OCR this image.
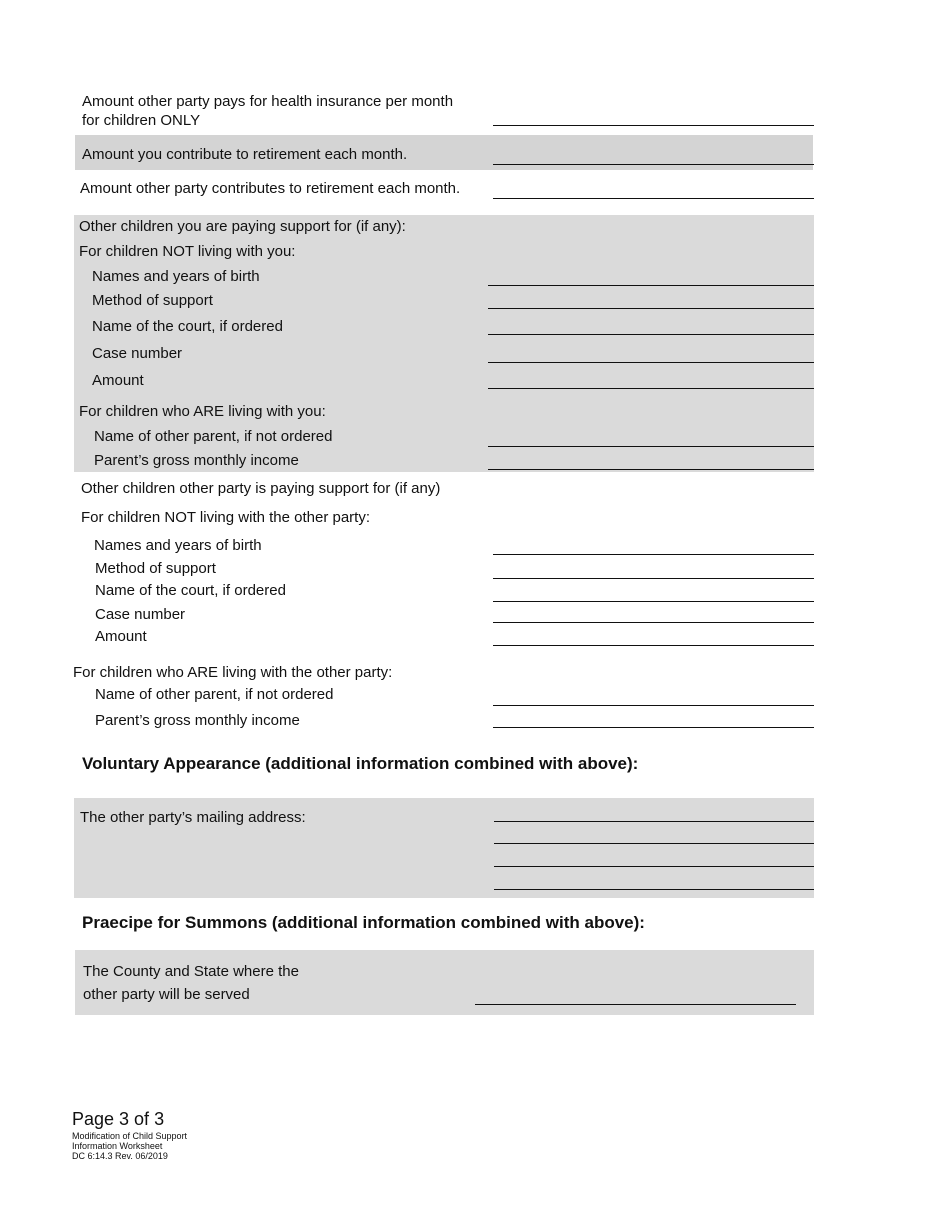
Amount other party pays for health insurance per month
for children ONLY
Amount you contribute to retirement each month.
Amount other party contributes to retirement each month.
Other children you are paying support for (if any):
For children NOT living with you:
Names and years of birth
Method of support
Name of the court, if ordered
Case number
Amount
For children who ARE living with you:
Name of other parent, if not ordered
Parent’s gross monthly income
Other children other party is paying support for (if any)
For children NOT living with the other party:
Names and years of birth
Method of support
Name of the court, if ordered
Case number
Amount
For children who ARE living with the other party:
Name of other parent, if not ordered
Parent’s gross monthly income
Voluntary Appearance (additional information combined with above):
The other party’s mailing address:
Praecipe for Summons (additional information combined with above):
The County and State where the
other party will be served
Page 3 of 3
Modification of Child Support
Information Worksheet
DC 6:14.3 Rev. 06/2019
